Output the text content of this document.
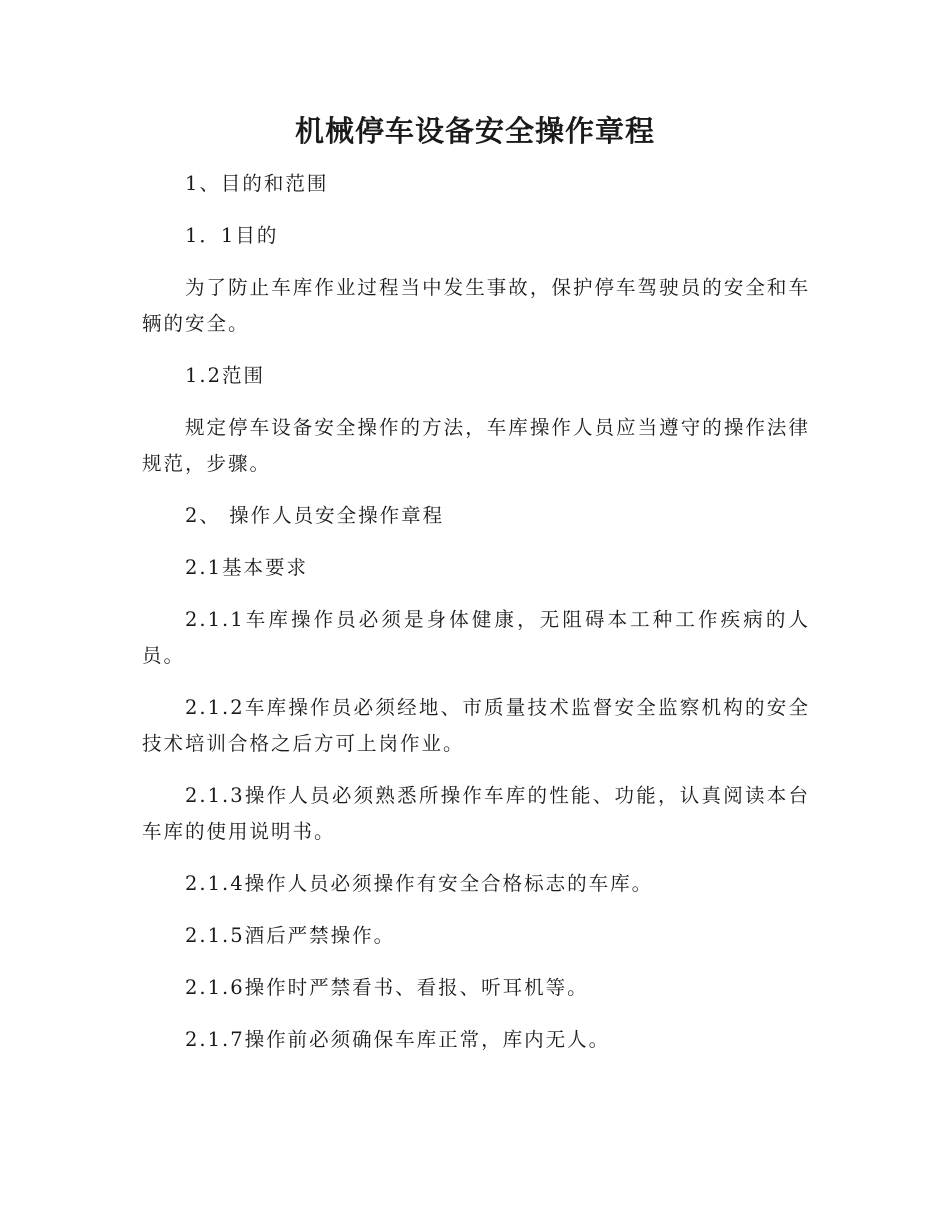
机械停车设备安全操作章程

1、目的和范围

1．1目的

为了防止车库作业过程当中发生事故，保护停车驾驶员的安全和车辆的安全。

1.2范围

规定停车设备安全操作的方法，车库操作人员应当遵守的操作法律规范，步骤。

2、 操作人员安全操作章程

2.1基本要求

2.1.1车库操作员必须是身体健康，无阻碍本工种工作疾病的人员。

2.1.2车库操作员必须经地、市质量技术监督安全监察机构的安全技术培训合格之后方可上岗作业。

2.1.3操作人员必须熟悉所操作车库的性能、功能，认真阅读本台车库的使用说明书。

2.1.4操作人员必须操作有安全合格标志的车库。

2.1.5酒后严禁操作。

2.1.6操作时严禁看书、看报、听耳机等。

2.1.7操作前必须确保车库正常，库内无人。
